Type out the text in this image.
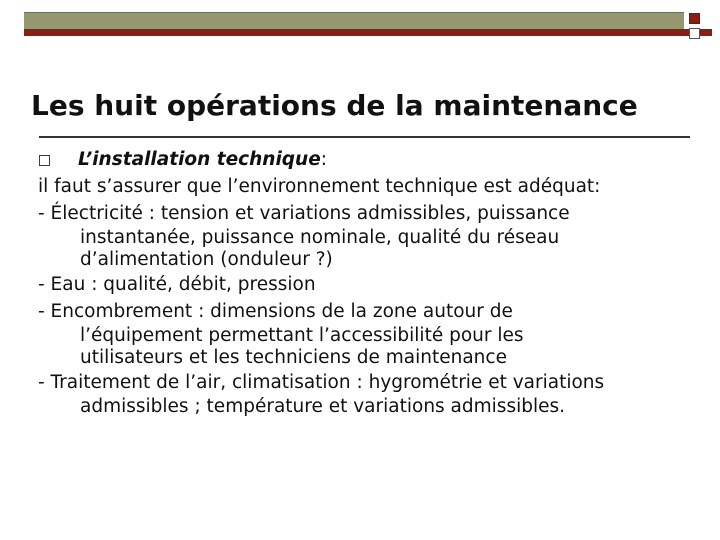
Les huit opérations de la maintenance
L’installation technique:
il faut s’assurer que l’environnement technique est adéquat:
- Électricité : tension et variations admissibles, puissance
instantanée, puissance nominale, qualité du réseau
d’alimentation (onduleur ?)
- Eau : qualité, débit, pression
- Encombrement : dimensions de la zone autour de
l’équipement permettant l’accessibilité pour les
utilisateurs et les techniciens de maintenance
- Traitement de l’air, climatisation : hygrométrie et variations
admissibles ; température et variations admissibles.
